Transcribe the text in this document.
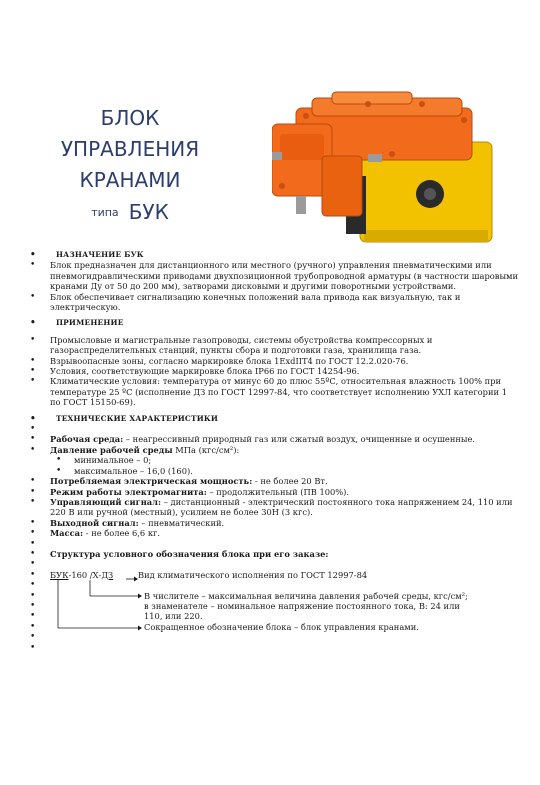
БЛОК
УПРАВЛЕНИЯ
КРАНАМИ
типа БУК
• НАЗНАЧЕНИЕ БУК
• Блок предназначен для дистанционного или местного (ручного) управления пневматическими или пневмогидравлическими приводами двухпозиционной трубопроводной арматуры (в частности шаровыми кранами Ду от 50 до 200 мм), затворами дисковыми и другими поворотными устройствами.
• Блок обеспечивает сигнализацию конечных положений вала привода как визуальную, так и электрическую.
• ПРИМЕНЕНИЕ
• Промысловые и магистральные газопроводы, системы обустройства компрессорных и газораспределительных станций, пункты сбора и подготовки газа, хранилища газа.
• Взрывоопасные зоны, согласно маркировке блока 1ExdIIT4 по ГОСТ 12.2.020-76.
• Условия, соответствующие маркировке блока IP66 по ГОСТ 14254-96.
• Климатические условия: температура от минус 60 до плюс 55ºС, относительная влажность 100% при температуре 25 ºС (исполнение ДЗ по ГОСТ 12997-84, что соответствует исполнению УХЛ категории 1 по ГОСТ 15150-69).
• ТЕХНИЧЕСКИЕ ХАРАКТЕРИСТИКИ
•
• Рабочая среда: – неагрессивный природный газ или сжатый воздух, очищенные и осушенные.
• Давление рабочей среды МПа (кгс/см²):
• минимальное – 0;
• максимальное – 16,0 (160).
• Потребляемая электрическая мощность: - не более 20 Вт.
• Режим работы электромагнита: – продолжительный (ПВ 100%).
• Управляющий сигнал: – дистанционный - электрический постоянного тока напряжением 24, 110 или 220 В или ручной (местный), усилием не более 30Н (3 кгс).
• Выходной сигнал: – пневматический.
• Масса: - не более 6,6 кг.
•
• Структура условного обозначения блока при его заказе:
•
• БУК-160 /Х-ДЗ	Вид климатического исполнения по ГОСТ 12997-84
•
• В числителе – максимальная величина давления рабочей среды, кгс/см²;
• в знаменателе – номинальное напряжение постоянного тока, В: 24 или
• 110, или 220.
• Сокращенное обозначение блока – блок управления кранами.
•
•
